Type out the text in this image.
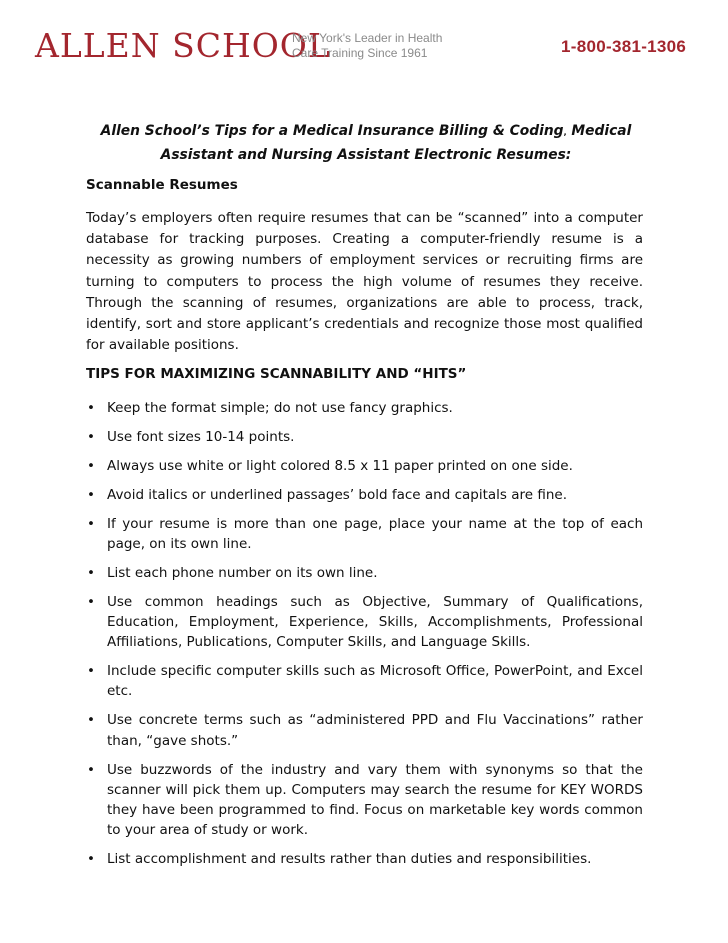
ALLEN SCHOOL
New York's Leader in Health
Care Training Since 1961	1-800-381-1306
Allen School’s Tips for a Medical Insurance Billing & Coding, Medical
Assistant and Nursing Assistant Electronic Resumes:
Scannable Resumes
Today’s employers often require resumes that can be “scanned” into a computer database for tracking purposes. Creating a computer-friendly resume is a necessity as growing numbers of employment services or recruiting firms are turning to computers to process the high volume of resumes they receive. Through the scanning of resumes, organizations are able to process, track, identify, sort and store applicant’s credentials and recognize those most qualified for available positions.
TIPS FOR MAXIMIZING SCANNABILITY AND “HITS”
• Keep the format simple; do not use fancy graphics.
• Use font sizes 10-14 points.
• Always use white or light colored 8.5 x 11 paper printed on one side.
• Avoid italics or underlined passages’ bold face and capitals are fine.
• If your resume is more than one page, place your name at the top of each page, on its own line.
• List each phone number on its own line.
• Use common headings such as Objective, Summary of Qualifications, Education, Employment, Experience, Skills, Accomplishments, Professional Affiliations, Publications, Computer Skills, and Language Skills.
• Include specific computer skills such as Microsoft Office, PowerPoint, and Excel etc.
• Use concrete terms such as “administered PPD and Flu Vaccinations” rather than, “gave shots.”
• Use buzzwords of the industry and vary them with synonyms so that the scanner will pick them up. Computers may search the resume for KEY WORDS they have been programmed to find. Focus on marketable key words common to your area of study or work.
• List accomplishment and results rather than duties and responsibilities.
